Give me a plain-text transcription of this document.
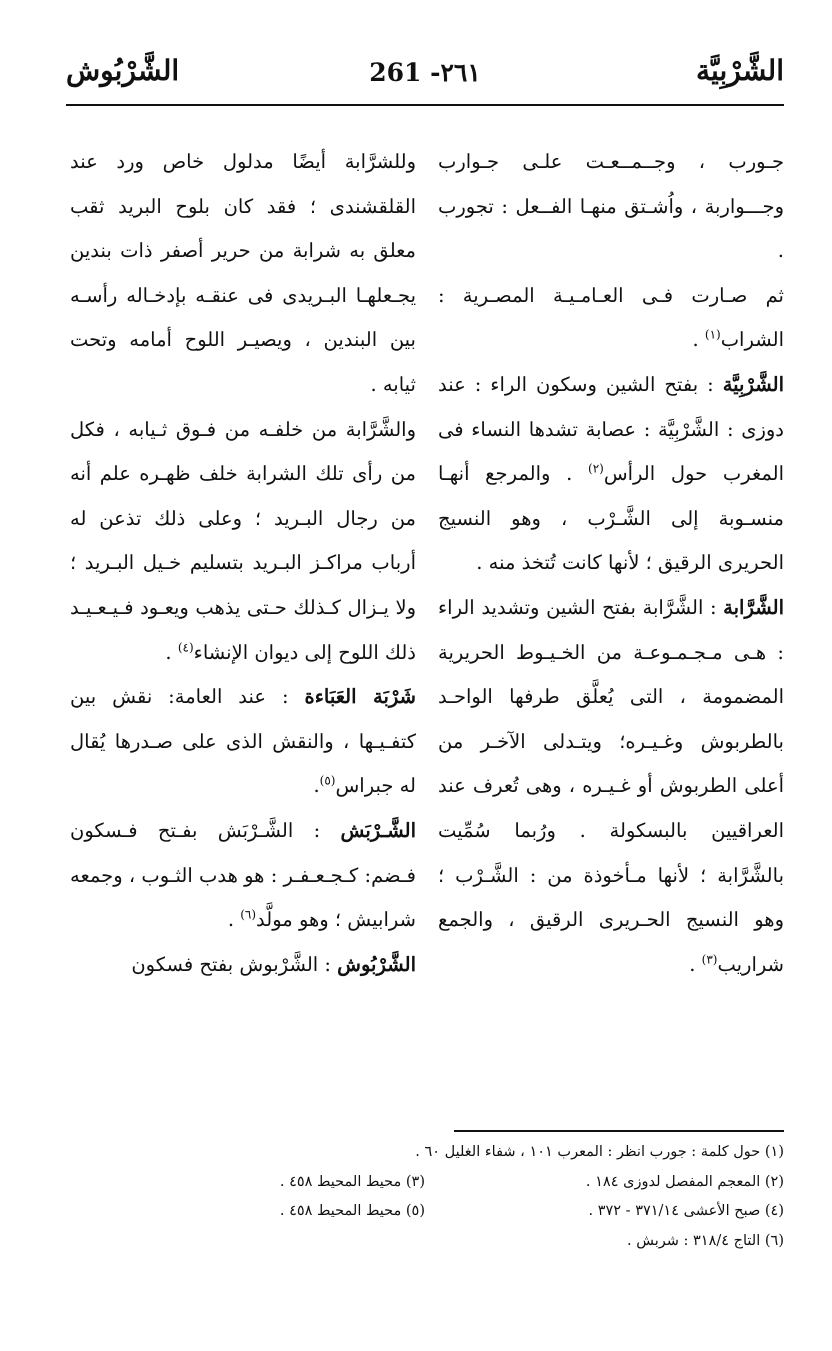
الشَّرْبِيَّة
261 -٢٦١
الشَّرْبُوش

جـورب ، وجــمــعـت علـى جـوارب وجـــواربة ، واُشـتق منهـا الفــعل : تجورب .

ثم صـارت فـى العـامـيـة المصـرية : الشراب$^{(١)}$ .

الشَّرْبِيَّة : بفتح الشين وسكون الراء : عند دوزى : الشَّرْبِيَّة : عصابة تشدها النساء فى المغرب حول الرأس$^{(٢)}$ . والمرجع أنهـا منسـوبة إلى الشَّـرْب ، وهو النسيج الحريرى الرقيق ؛ لأنها كانت تُتخذ منه .

الشَّرَّابة : الشَّرَّابة بفتح الشين وتشديد الراء : هـى مـجـمـوعـة من الخـيـوط الحريرية المضمومة ، التى يُعلَّق طرفها الواحـد بالطربوش وغـيـره؛ ويتـدلى الآخـر من أعلى الطربوش أو غـيـره ، وهى تُعرف عند العراقيين بالبسكولة . ورُبما سُمِّيت بالشَّرَّابة ؛ لأنها مـأخوذة من : الشَّـرْب ؛ وهو النسيج الحـريرى الرقيق ، والجمع شراريب$^{(٣)}$ .

وللشرَّابة أيضًا مدلول خاص ورد عند القلقشندى ؛ فقد كان بلوح البريد ثقب معلق به شرابة من حرير أصفر ذات بندين يجـعلهـا البـريدى فى عنقـه بإدخـاله رأسـه بين البندين ، ويصيـر اللوح أمامه وتحت ثيابه .

والشَّرَّابة من خلفـه من فـوق ثـيابه ، فكل من رأى تلك الشرابة خلف ظهـره علم أنه من رجال البـريد ؛ وعلى ذلك تذعن له أرباب مراكـز البـريد بتسليم خـيل البـريد ؛ ولا يـزال كـذلك حـتى يذهب ويعـود فـيـعـيـد ذلك اللوح إلى ديوان الإنشاء$^{(٤)}$ .

شَرْبَة العَبَاءة : عند العامة: نقش بين كتفـيـها ، والنقش الذى على صـدرها يُقال له جبراس$^{(٥)}$.

الشَّـرْبَش : الشَّـرْبَش بفـتح فـسكون فـضم: كـجـعـفـر : هو هدب الثـوب ، وجمعه شرابيش ؛ وهو مولَّد$^{(٦)}$ .

الشَّرْبُوش : الشَّرْبوش بفتح فسكون

(١) حول كلمة : جورب انظر : المعرب ١٠١ ، شفاء الغليل ٦٠ .
(٢) المعجم المفصل لدوزى ١٨٤ .
(٣) محيط المحيط ٤٥٨ .
(٤) صبح الأعشى ٣٧١/١٤ - ٣٧٢ .
(٥) محيط المحيط ٤٥٨ .
(٦) التاج ٣١٨/٤ : شربش .
